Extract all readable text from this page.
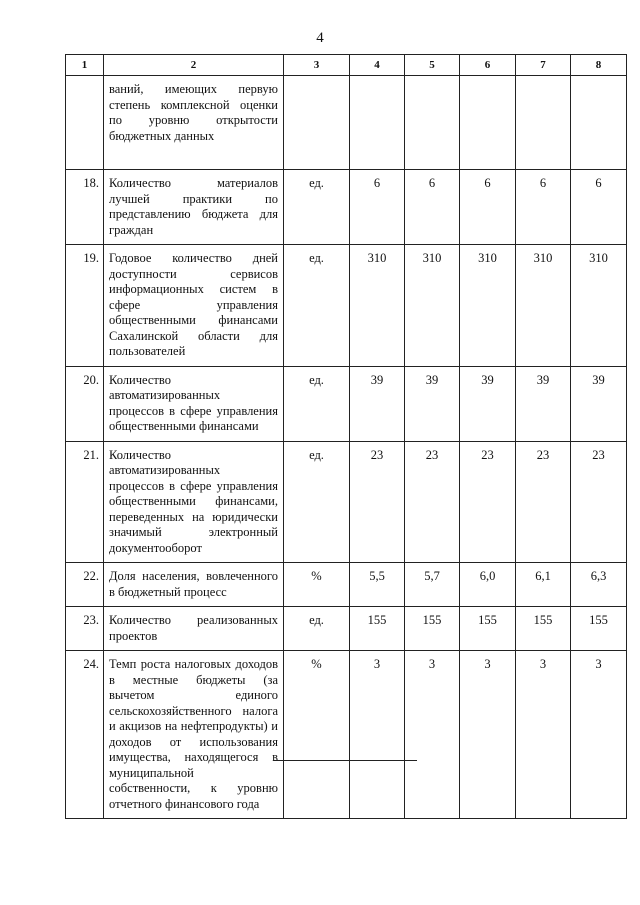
4
1	2	3	4	5	6	7	8
	ваний, имеющих первую степень комплексной оценки по уровню открытости бюджетных данных						
18.	Количество материалов лучшей практики по представлению бюджета для граждан	ед.	6	6	6	6	6
19.	Годовое количество дней доступности сервисов информационных систем в сфере управления общественными финансами Сахалинской области для пользователей	ед.	310	310	310	310	310
20.	Количество автоматизированных процессов в сфере управления общественными финансами	ед.	39	39	39	39	39
21.	Количество автоматизированных процессов в сфере управления общественными финансами, переведенных на юридически значимый электронный документооборот	ед.	23	23	23	23	23
22.	Доля населения, вовлеченного в бюджетный процесс	%	5,5	5,7	6,0	6,1	6,3
23.	Количество реализованных проектов	ед.	155	155	155	155	155
24.	Темп роста налоговых доходов в местные бюджеты (за вычетом единого сельскохозяйственного налога и акцизов на нефтепродукты) и доходов от использования имущества, находящегося в муниципальной собственности, к уровню отчетного финансового года	%	3	3	3	3	3
